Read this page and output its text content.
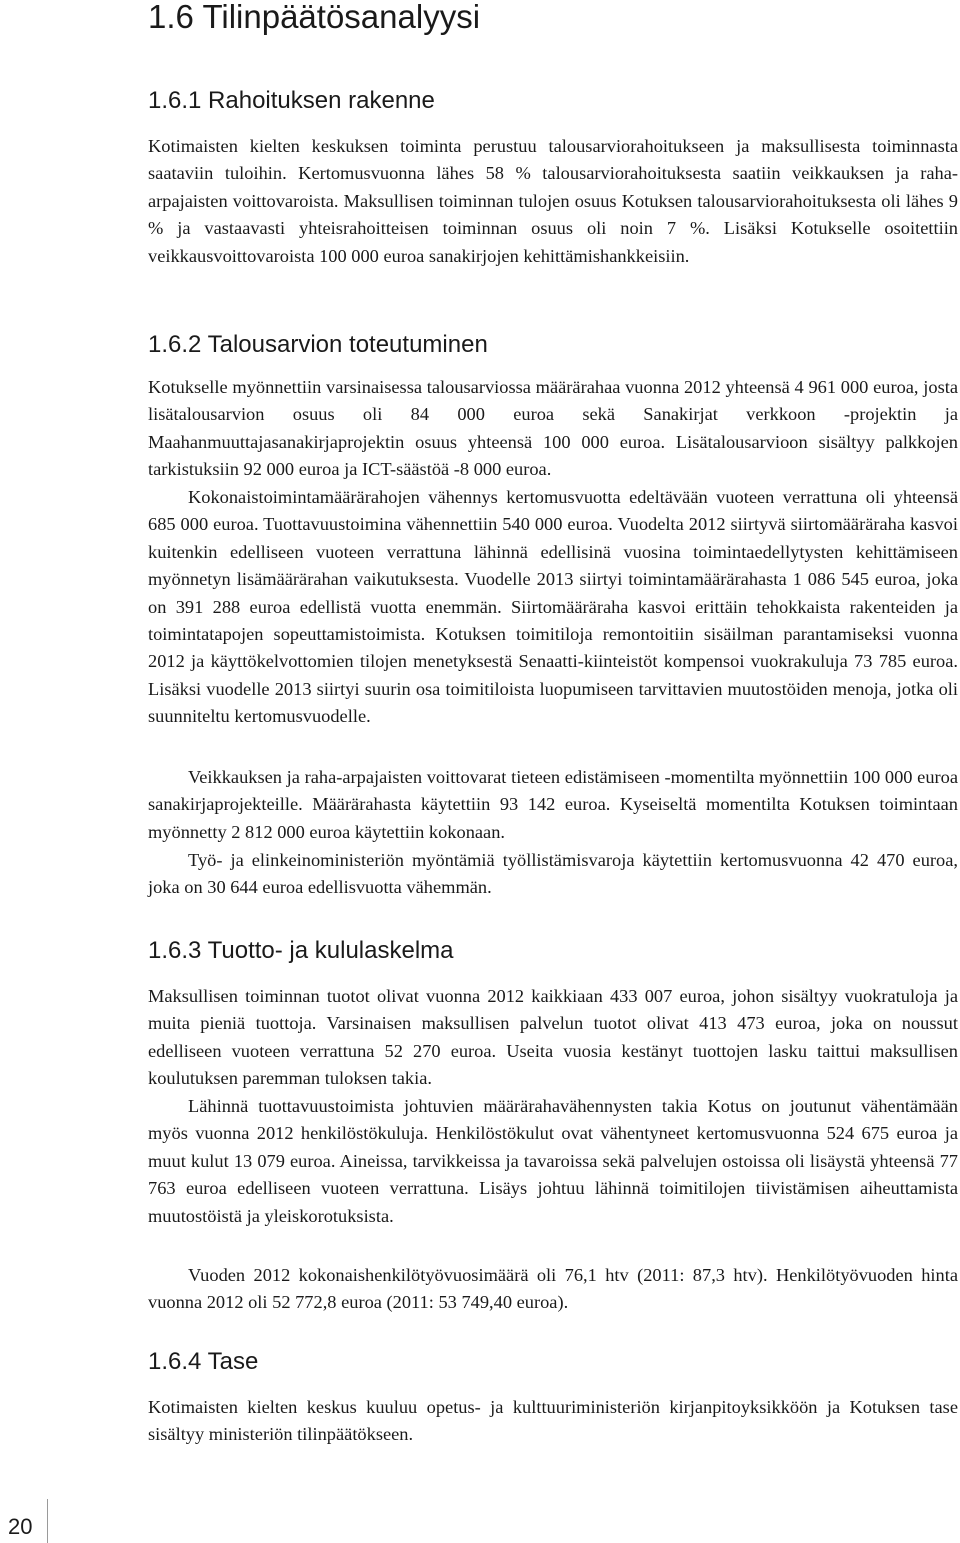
1.6 Tilinpäätösanalyysi
1.6.1 Rahoituksen rakenne

Kotimaisten kielten keskuksen toiminta perustuu talousarviorahoitukseen ja maksullisesta toiminnasta saataviin tuloihin. Kertomusvuonna lähes 58 % talousarviorahoituksesta saatiin veikkauksen ja raha-arpajaisten voittovaroista. Maksullisen toiminnan tulojen osuus Kotuksen talousarviorahoituksesta oli lähes 9 % ja vastaavasti yhteisrahoitteisen toiminnan osuus oli noin 7 %. Lisäksi Kotukselle osoitettiin veikkausvoittovaroista 100 000 euroa sanakirjojen kehittämishankkeisiin.

1.6.2 Talousarvion toteutuminen

Kotukselle myönnettiin varsinaisessa talousarviossa määrärahaa vuonna 2012 yhteensä 4 961 000 euroa, josta lisätalousarvion osuus oli 84 000 euroa sekä Sanakirjat verkkoon -projektin ja Maahanmuuttajasanakirjaprojektin osuus yhteensä 100 000 euroa. Lisätalousarvioon sisältyy palkkojen tarkistuksiin 92 000 euroa ja ICT-säästöä -8 000 euroa.

Kokonaistoimintamäärärahojen vähennys kertomusvuotta edeltävään vuoteen verrattuna oli yhteensä 685 000 euroa. Tuottavuustoimina vähennettiin 540 000 euroa. Vuodelta 2012 siirtyvä siirtomääräraha kasvoi kuitenkin edelliseen vuoteen verrattuna lähinnä edellisinä vuosina toimintaedellytysten kehittämiseen myönnetyn lisämäärärahan vaikutuksesta. Vuodelle 2013 siirtyi toimintamäärärahasta 1 086 545 euroa, joka on 391 288 euroa edellistä vuotta enemmän. Siirtomääräraha kasvoi erittäin tehokkaista rakenteiden ja toimintatapojen sopeuttamistoimista. Kotuksen toimitiloja remontoitiin sisäilman parantamiseksi vuonna 2012 ja käyttökelvottomien tilojen menetyksestä Senaatti-kiinteistöt kompensoi vuokrakuluja 73 785 euroa. Lisäksi vuodelle 2013 siirtyi suurin osa toimitiloista luopumiseen tarvittavien muutostöiden menoja, jotka oli suunniteltu kertomusvuodelle.

Veikkauksen ja raha-arpajaisten voittovarat tieteen edistämiseen -momentilta myönnettiin 100 000 euroa sanakirjaprojekteille. Määrärahasta käytettiin 93 142 euroa. Kyseiseltä momentilta Kotuksen toimintaan myönnetty 2 812 000 euroa käytettiin kokonaan.

Työ- ja elinkeinoministeriön myöntämiä työllistämisvaroja käytettiin kertomusvuonna 42 470 euroa, joka on 30 644 euroa edellisvuotta vähemmän.

1.6.3 Tuotto- ja kululaskelma

Maksullisen toiminnan tuotot olivat vuonna 2012 kaikkiaan 433 007 euroa, johon sisältyy vuokratuloja ja muita pieniä tuottoja. Varsinaisen maksullisen palvelun tuotot olivat 413 473 euroa, joka on noussut edelliseen vuoteen verrattuna 52 270 euroa. Useita vuosia kestänyt tuottojen lasku taittui maksullisen koulutuksen paremman tuloksen takia.

Lähinnä tuottavuustoimista johtuvien määrärahavähennysten takia Kotus on joutunut vähentämään myös vuonna 2012 henkilöstökuluja. Henkilöstökulut ovat vähentyneet kertomusvuonna 524 675 euroa ja muut kulut 13 079 euroa. Aineissa, tarvikkeissa ja tavaroissa sekä palvelujen ostoissa oli lisäystä yhteensä 77 763 euroa edelliseen vuoteen verrattuna. Lisäys johtuu lähinnä toimitilojen tiivistämisen aiheuttamista muutostöistä ja yleiskorotuksista.

Vuoden 2012 kokonaishenkilötyövuosimäärä oli 76,1 htv (2011: 87,3 htv). Henkilötyövuoden hinta vuonna 2012 oli 52 772,8 euroa (2011: 53 749,40 euroa).

1.6.4 Tase

Kotimaisten kielten keskus kuuluu opetus- ja kulttuuriministeriön kirjanpitoyksikköön ja Kotuksen tase sisältyy ministeriön tilinpäätökseen.

20
